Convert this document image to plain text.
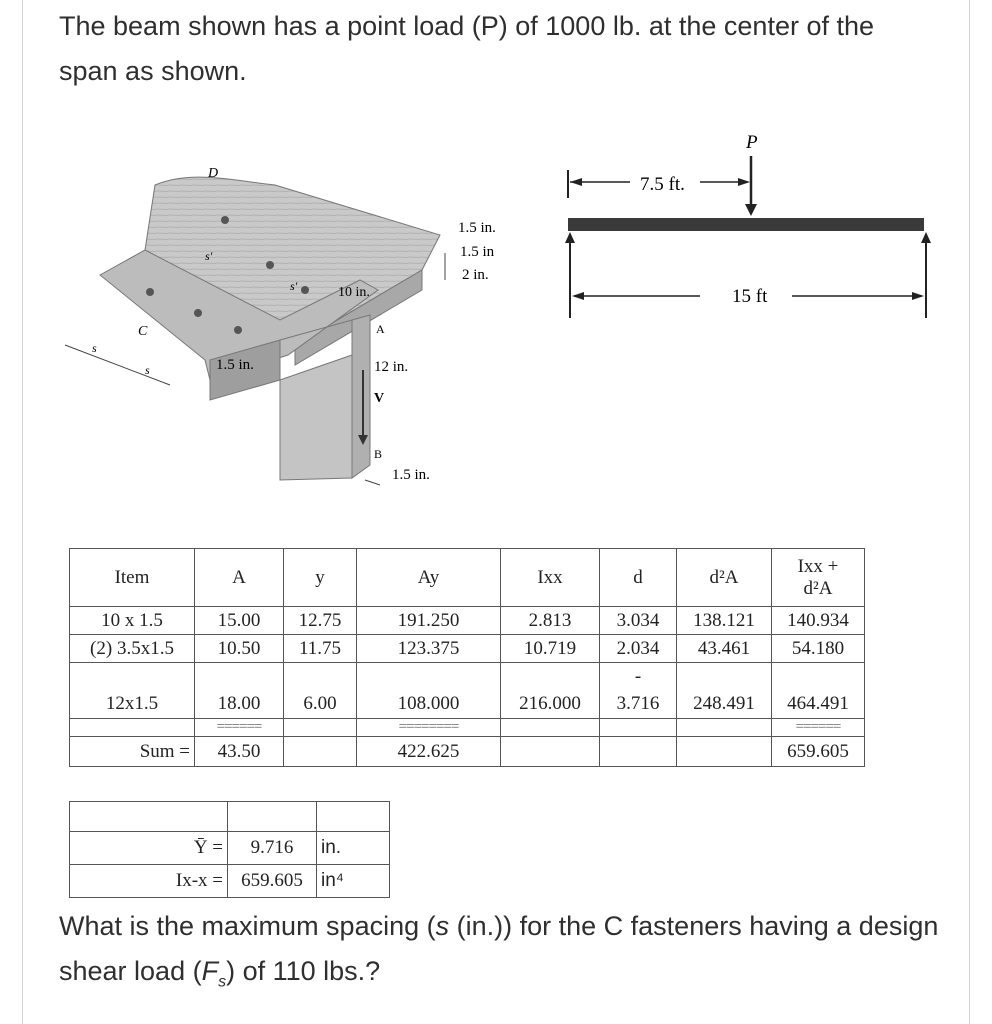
The beam shown has a point load (P) of 1000 lb. at the center of the span as shown.

D
s'
s'	10 in.
1.5 in.
1.5 in
2 in.
C
s
s	1.5 in.
A
12 in.
V
B
1.5 in.
7.5 ft.
P
15 ft
Item	A	y	Ay	Ixx	d	d²A	Ixx +
d²A
10 x 1.5	15.00	12.75	191.250	2.813	3.034	138.121	140.934
(2) 3.5x1.5	10.50	11.75	123.375	10.719	2.034	43.461	54.180
					-		
12x1.5	18.00	6.00	108.000	216.000	3.716	248.491	464.491
	======		========				======
Sum =	43.50		422.625				659.605

Ȳ =	9.716	in.
Ix-x =	659.605	in⁴

What is the maximum spacing (s (in.)) for the C fasteners having a design shear load $(F_s)$ of 110 lbs.?
